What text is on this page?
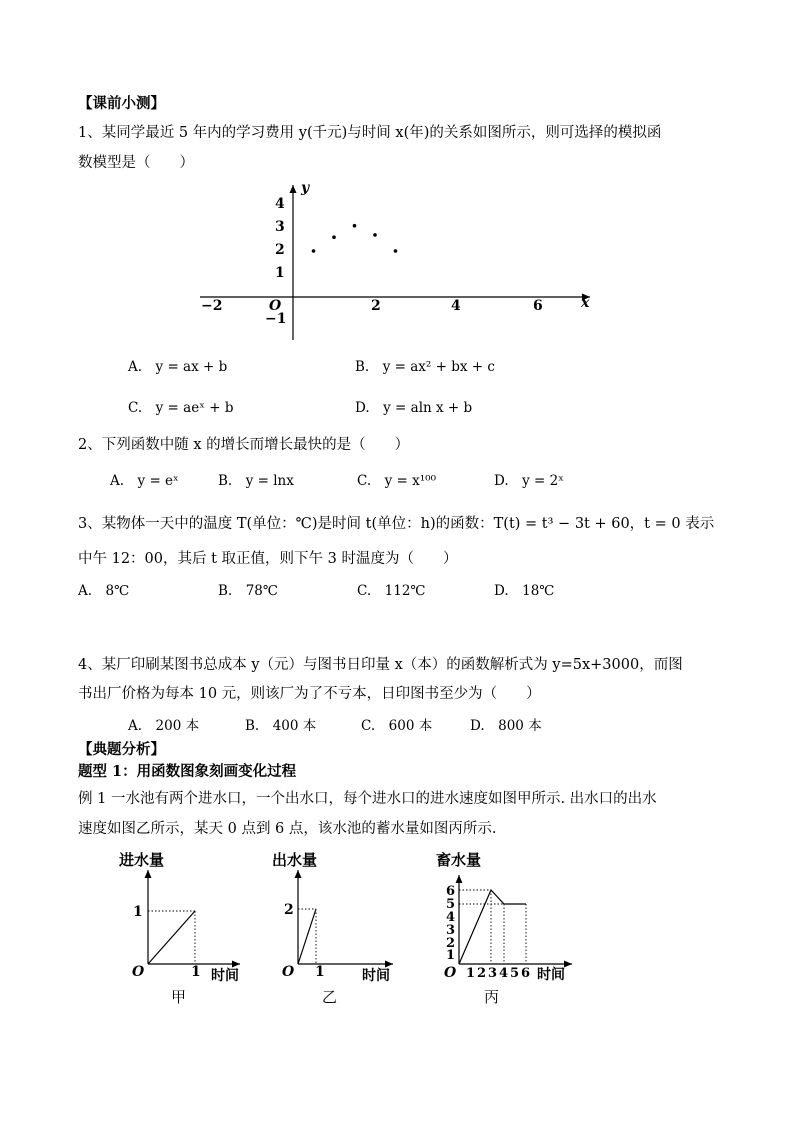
【课前小测】
1、某同学最近 5 年内的学习费用 y(千元)与时间 x(年)的关系如图所示，则可选择的模拟函
数模型是（　　）
x
y
−2	O	2	4	6
4
3
2
1
−1
A.　y = ax + b	B.　y = ax² + bx + c
C.　y = aeˣ + b	D.　y = aln x + b
2、下列函数中随 x 的增长而增长最快的是（　　）
A.　y = eˣ	B.　y = lnx	C.　y = x¹⁰⁰	D.　y = 2ˣ
3、某物体一天中的温度 T(单位：℃)是时间 t(单位：h)的函数：T(t) = t³ − 3t + 60，t = 0 表示
中午 12：00，其后 t 取正值，则下午 3 时温度为（　　）
A.　8℃	B.　78℃	C.　112℃	D.　18℃
4、某厂印刷某图书总成本 y（元）与图书日印量 x（本）的函数解析式为 y=5x+3000，而图
书出厂价格为每本 10 元，则该厂为了不亏本，日印图书至少为（　　）
A.　200 本	B.　400 本	C.　600 本	D.　800 本
【典题分析】
题型 1：用函数图象刻画变化过程
例 1 一水池有两个进水口，一个出水口，每个进水口的进水速度如图甲所示. 出水口的出水
速度如图乙所示，某天 0 点到 6 点，该水池的蓄水量如图丙所示.
进水量
1
O	1 时间
甲
出水量
2
O 1	时间
乙
畜水量
6
5
4
3
2
1
O 1 2 3 4 5 6 时间
丙
